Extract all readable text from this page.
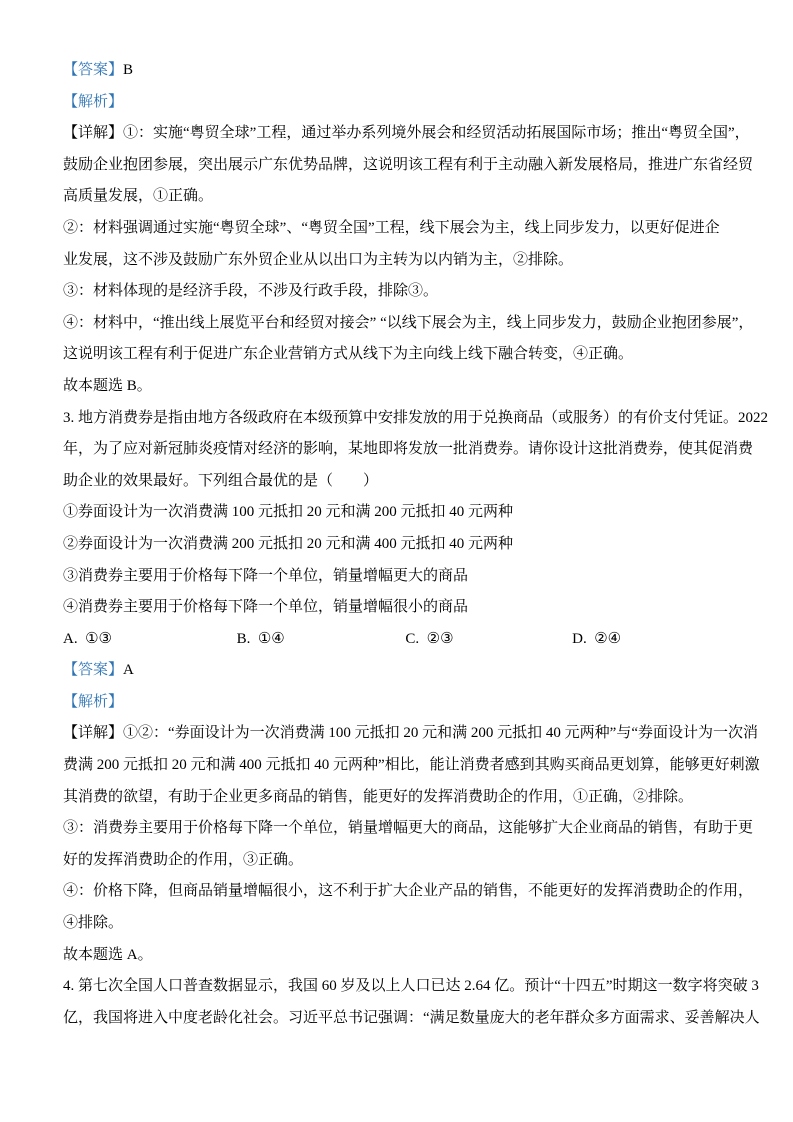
【答案】B
【解析】
【详解】①：实施“粤贸全球”工程，通过举办系列境外展会和经贸活动拓展国际市场；推出“粤贸全国”，
鼓励企业抱团参展，突出展示广东优势品牌，这说明该工程有利于主动融入新发展格局，推进广东省经贸
高质量发展，①正确。
②：材料强调通过实施“粤贸全球”、“粤贸全国”工程，线下展会为主，线上同步发力，以更好促进企
业发展，这不涉及鼓励广东外贸企业从以出口为主转为以内销为主，②排除。
③：材料体现的是经济手段，不涉及行政手段，排除③。
④：材料中，“推出线上展览平台和经贸对接会” “以线下展会为主，线上同步发力，鼓励企业抱团参展”，
这说明该工程有利于促进广东企业营销方式从线下为主向线上线下融合转变，④正确。
故本题选 B。
3. 地方消费券是指由地方各级政府在本级预算中安排发放的用于兑换商品（或服务）的有价支付凭证。2022
年，为了应对新冠肺炎疫情对经济的影响，某地即将发放一批消费券。请你设计这批消费券，使其促消费
助企业的效果最好。下列组合最优的是（　　）
①券面设计为一次消费满 100 元抵扣 20 元和满 200 元抵扣 40 元两种
②券面设计为一次消费满 200 元抵扣 20 元和满 400 元抵扣 40 元两种
③消费券主要用于价格每下降一个单位，销量增幅更大的商品
④消费券主要用于价格每下降一个单位，销量增幅很小的商品
A.  ①③	B.  ①④	C.  ②③	D.  ②④
【答案】A
【解析】
【详解】①②：“券面设计为一次消费满 100 元抵扣 20 元和满 200 元抵扣 40 元两种”与“券面设计为一次消
费满 200 元抵扣 20 元和满 400 元抵扣 40 元两种”相比，能让消费者感到其购买商品更划算，能够更好刺激
其消费的欲望，有助于企业更多商品的销售，能更好的发挥消费助企的作用，①正确，②排除。
③：消费券主要用于价格每下降一个单位，销量增幅更大的商品，这能够扩大企业商品的销售，有助于更
好的发挥消费助企的作用，③正确。
④：价格下降，但商品销量增幅很小，这不利于扩大企业产品的销售，不能更好的发挥消费助企的作用，
④排除。
故本题选 A。
4. 第七次全国人口普查数据显示，我国 60 岁及以上人口已达 2.64 亿。预计“十四五”时期这一数字将突破 3
亿，我国将进入中度老龄化社会。习近平总书记强调：“满足数量庞大的老年群众多方面需求、妥善解决人
